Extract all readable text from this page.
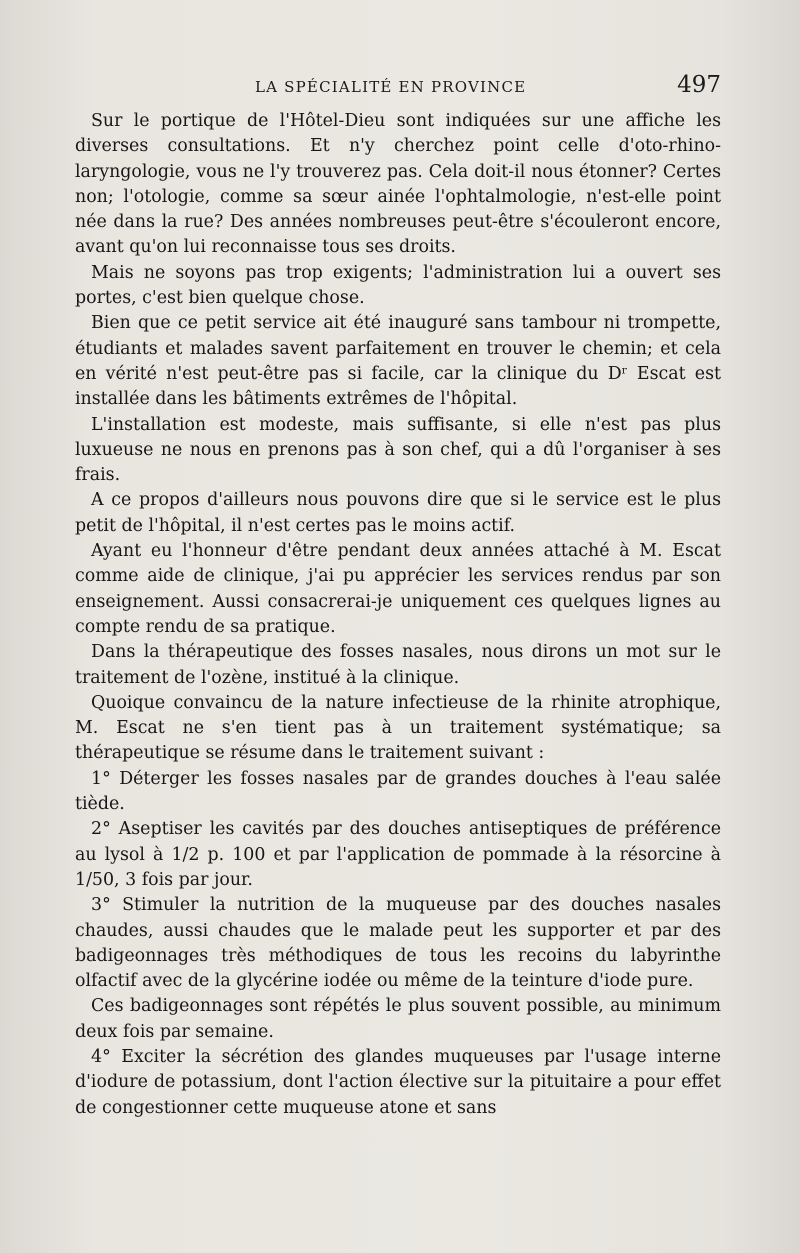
LA SPÉCIALITÉ EN PROVINCE	497

Sur le portique de l'Hôtel-Dieu sont indiquées sur une affiche les diverses consultations. Et n'y cherchez point celle d'oto-rhino-laryngologie, vous ne l'y trouverez pas. Cela doit-il nous étonner? Certes non; l'otologie, comme sa sœur ainée l'ophtalmologie, n'est-elle point née dans la rue? Des années nombreuses peut-être s'écouleront encore, avant qu'on lui reconnaisse tous ses droits.

Mais ne soyons pas trop exigents; l'administration lui a ouvert ses portes, c'est bien quelque chose.

Bien que ce petit service ait été inauguré sans tambour ni trompette, étudiants et malades savent parfaitement en trouver le chemin; et cela en vérité n'est peut-être pas si facile, car la clinique du Dʳ Escat est installée dans les bâtiments extrêmes de l'hôpital.

L'installation est modeste, mais suffisante, si elle n'est pas plus luxueuse ne nous en prenons pas à son chef, qui a dû l'organiser à ses frais.

A ce propos d'ailleurs nous pouvons dire que si le service est le plus petit de l'hôpital, il n'est certes pas le moins actif.

Ayant eu l'honneur d'être pendant deux années attaché à M. Escat comme aide de clinique, j'ai pu apprécier les services rendus par son enseignement. Aussi consacrerai-je uniquement ces quelques lignes au compte rendu de sa pratique.

Dans la thérapeutique des fosses nasales, nous dirons un mot sur le traitement de l'ozène, institué à la clinique.

Quoique convaincu de la nature infectieuse de la rhinite atrophique, M. Escat ne s'en tient pas à un traitement systématique; sa thérapeutique se résume dans le traitement suivant :

1° Déterger les fosses nasales par de grandes douches à l'eau salée tiède.

2° Aseptiser les cavités par des douches antiseptiques de préférence au lysol à 1/2 p. 100 et par l'application de pommade à la résorcine à 1/50, 3 fois par jour.

3° Stimuler la nutrition de la muqueuse par des douches nasales chaudes, aussi chaudes que le malade peut les supporter et par des badigeonnages très méthodiques de tous les recoins du labyrinthe olfactif avec de la glycérine iodée ou même de la teinture d'iode pure.

Ces badigeonnages sont répétés le plus souvent possible, au minimum deux fois par semaine.

4° Exciter la sécrétion des glandes muqueuses par l'usage interne d'iodure de potassium, dont l'action élective sur la pituitaire a pour effet de congestionner cette muqueuse atone et sans
